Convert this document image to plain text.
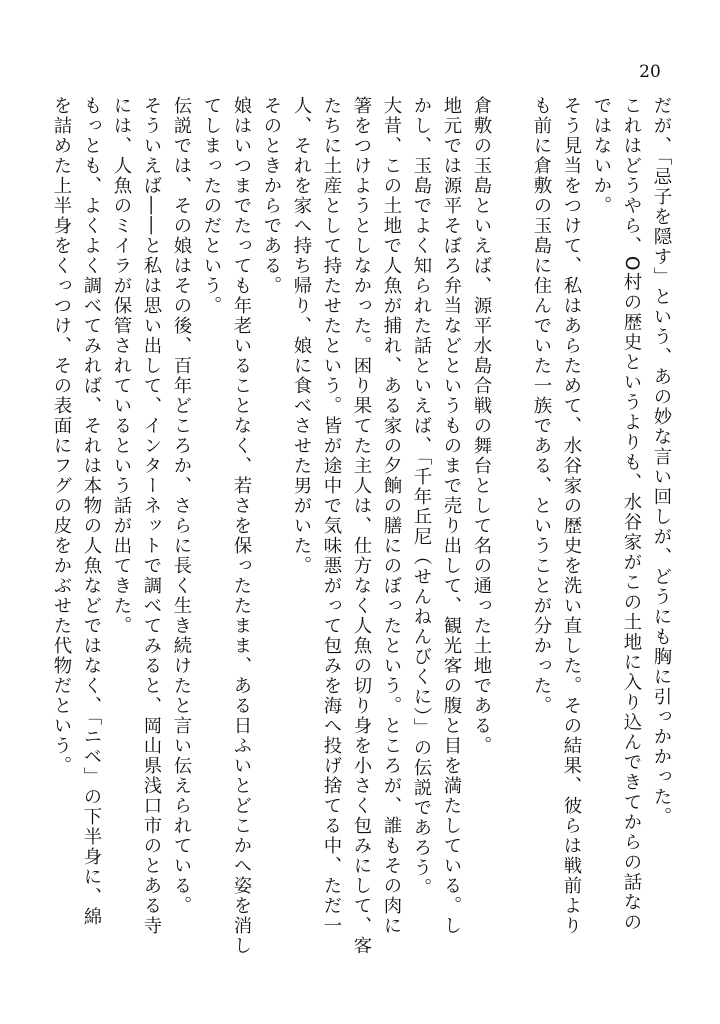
20
だが、「忌子を隠す」という、あの妙な言い回しが、どうにも胸に引っかかった。
これはどうやら、O村の歴史というよりも、水谷家がこの土地に入り込んできてからの話なの
ではないか。
そう見当をつけて、私はあらためて、水谷家の歴史を洗い直した。その結果、彼らは戦前より
も前に倉敷の玉島に住んでいた一族である、ということが分かった。
倉敷の玉島といえば、源平水島合戦の舞台として名の通った土地である。
地元では源平そぼろ弁当などというものまで売り出して、観光客の腹と目を満たしている。し
かし、玉島でよく知られた話といえば、「千年丘尼（せんねんびくに）」の伝説であろう。
大昔、この土地で人魚が捕れ、ある家の夕餉の膳にのぼったという。ところが、誰もその肉に
箸をつけようとしなかった。困り果てた主人は、仕方なく人魚の切り身を小さく包みにして、客
たちに土産として持たせたという。皆が途中で気味悪がって包みを海へ投げ捨てる中、ただ一
人、それを家へ持ち帰り、娘に食べさせた男がいた。
そのときからである。
娘はいつまでたっても年老いることなく、若さを保ったたまま、ある日ふいとどこかへ姿を消し
てしまったのだという。
伝説では、その娘はその後、百年どころか、さらに長く生き続けたと言い伝えられている。
そういえば――と私は思い出して、インターネットで調べてみると、岡山県浅口市のとある寺
には、人魚のミイラが保管されているという話が出てきた。
もっとも、よくよく調べてみれば、それは本物の人魚などではなく、「ニベ」の下半身に、綿
を詰めた上半身をくっつけ、その表面にフグの皮をかぶせた代物だという。
